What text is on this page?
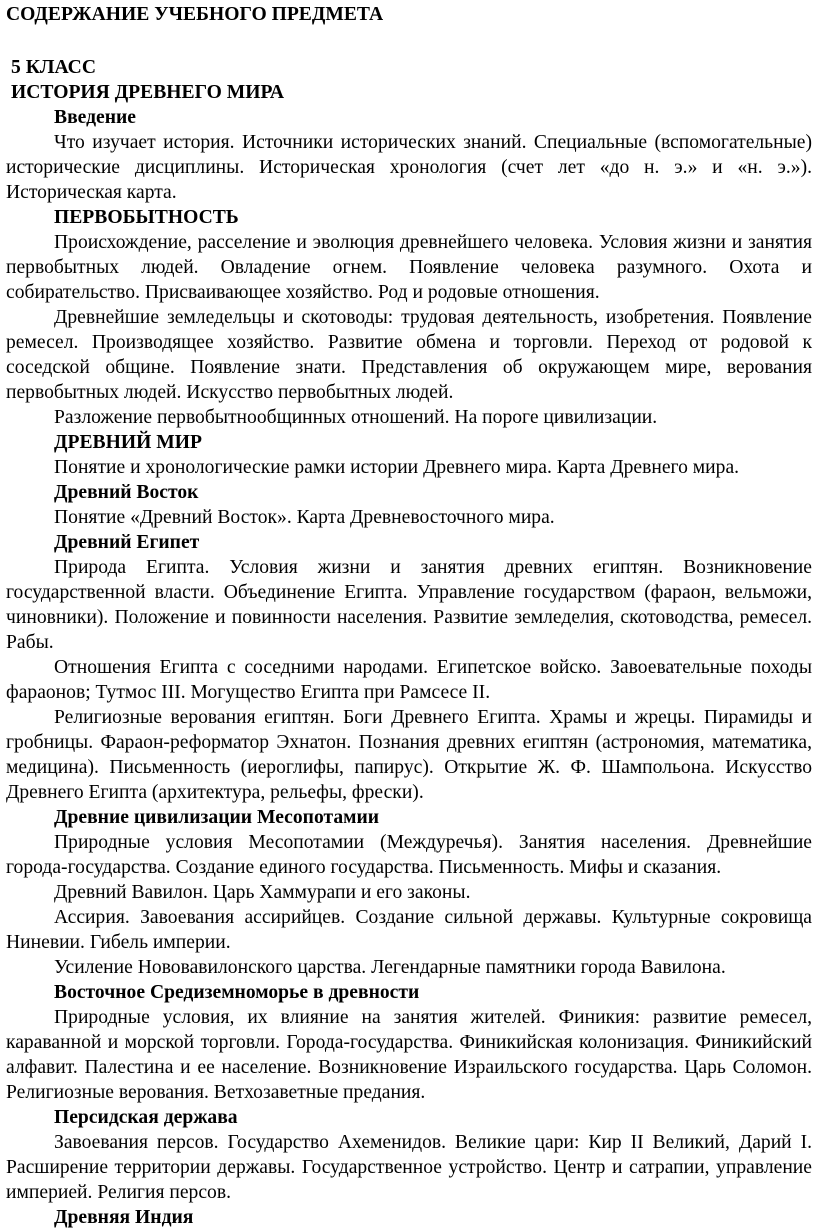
СОДЕРЖАНИЕ УЧЕБНОГО ПРЕДМЕТА
5 КЛАСС
ИСТОРИЯ ДРЕВНЕГО МИРА
Введение

Что изучает история. Источники исторических знаний. Специальные (вспомогательные) исторические дисциплины. Историческая хронология (счет лет «до н. э.» и «н. э.»). Историческая карта.

ПЕРВОБЫТНОСТЬ

Происхождение, расселение и эволюция древнейшего человека. Условия жизни и занятия первобытных людей. Овладение огнем. Появление человека разумного. Охота и собирательство. Присваивающее хозяйство. Род и родовые отношения.

Древнейшие земледельцы и скотоводы: трудовая деятельность, изобретения. Появление ремесел. Производящее хозяйство. Развитие обмена и торговли. Переход от родовой к соседской общине. Появление знати. Представления об окружающем мире, верования первобытных людей. Искусство первобытных людей.

Разложение первобытнообщинных отношений. На пороге цивилизации.

ДРЕВНИЙ МИР

Понятие и хронологические рамки истории Древнего мира. Карта Древнего мира.

Древний Восток

Понятие «Древний Восток». Карта Древневосточного мира.

Древний Египет

Природа Египта. Условия жизни и занятия древних египтян. Возникновение государственной власти. Объединение Египта. Управление государством (фараон, вельможи, чиновники). Положение и повинности населения. Развитие земледелия, скотоводства, ремесел. Рабы.

Отношения Египта с соседними народами. Египетское войско. Завоевательные походы фараонов; Тутмос III. Могущество Египта при Рамсесе II.

Религиозные верования египтян. Боги Древнего Египта. Храмы и жрецы. Пирамиды и гробницы. Фараон-реформатор Эхнатон. Познания древних египтян (астрономия, математика, медицина). Письменность (иероглифы, папирус). Открытие Ж. Ф. Шампольона. Искусство Древнего Египта (архитектура, рельефы, фрески).

Древние цивилизации Месопотамии

Природные условия Месопотамии (Междуречья). Занятия населения. Древнейшие города-государства. Создание единого государства. Письменность. Мифы и сказания.

Древний Вавилон. Царь Хаммурапи и его законы.

Ассирия. Завоевания ассирийцев. Создание сильной державы. Культурные сокровища Ниневии. Гибель империи.

Усиление Нововавилонского царства. Легендарные памятники города Вавилона.

Восточное Средиземноморье в древности

Природные условия, их влияние на занятия жителей. Финикия: развитие ремесел, караванной и морской торговли. Города-государства. Финикийская колонизация. Финикийский алфавит. Палестина и ее население. Возникновение Израильского государства. Царь Соломон. Религиозные верования. Ветхозаветные предания.

Персидская держава

Завоевания персов. Государство Ахеменидов. Великие цари: Кир II Великий, Дарий I. Расширение территории державы. Государственное устройство. Центр и сатрапии, управление империей. Религия персов.

Древняя Индия
